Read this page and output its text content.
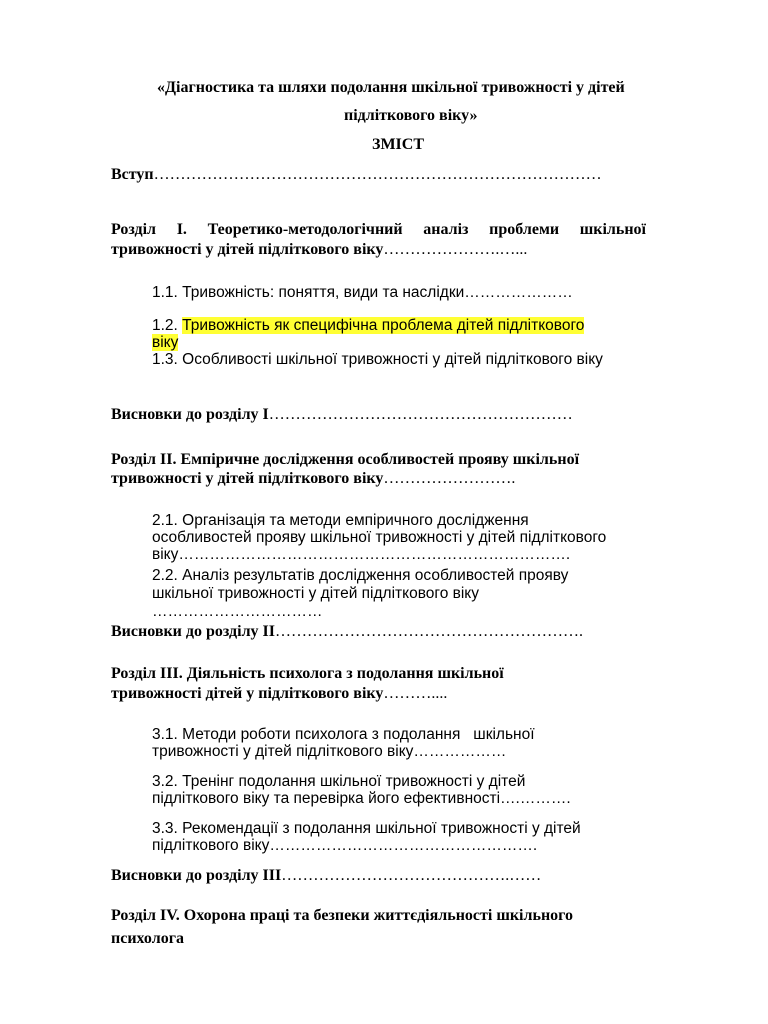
«Діагностика та шляхи подолання шкільної тривожності у дітей
підліткового віку»
ЗМІСТ
Вступ…………………………………………………………………………
Розділ І. Теоретико-методологічний аналіз проблеми шкільної
тривожності у дітей підліткового віку………………….…...
1.1. Тривожність: поняття, види та наслідки…………………
1.2. Тривожність як специфічна проблема дітей підліткового
віку
1.3. Особливості шкільної тривожності у дітей підліткового віку
Висновки до розділу І…………………………………………………
Розділ ІІ. Емпіричне дослідження особливостей прояву шкільної
тривожності у дітей підліткового віку…………………….
2.1. Організація та методи емпіричного дослідження
особливостей прояву шкільної тривожності у дітей підліткового
віку………………………………………………………………….
2.2. Аналіз результатів дослідження особливостей прояву
шкільної тривожності у дітей підліткового віку
……………………………
Висновки до розділу ІІ………………………………………………….
Розділ ІІІ. Діяльність психолога з подолання шкільної
тривожності дітей у підліткового віку………....
3.1. Методи роботи психолога з подолання   шкільної
тривожності у дітей підліткового віку………………
3.2. Тренінг подолання шкільної тривожності у дітей
підліткового віку та перевірка його ефективності….……….
3.3. Рекомендації з подолання шкільної тривожності у дітей
підліткового віку…………………………………………….
Висновки до розділу ІІІ…………………………………….……
Розділ ІV. Охорона праці та безпеки життєдіяльності шкільного
психолога
